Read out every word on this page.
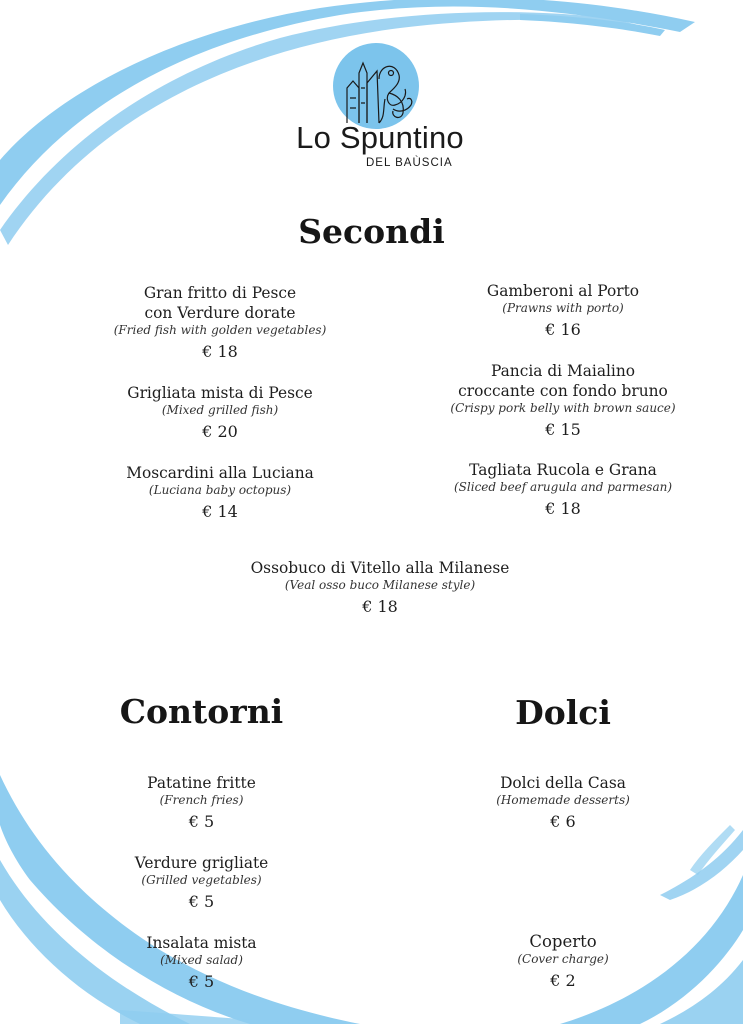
Lo Spuntino
DEL BAÙSCIA
Secondi
Gran fritto di Pesce
con Verdure dorate
(Fried fish with golden vegetables)
€ 18
Grigliata mista di Pesce
(Mixed grilled fish)
€ 20
Moscardini alla Luciana
(Luciana baby octopus)
€ 14
Gamberoni al Porto
(Prawns with porto)
€ 16
Pancia di Maialino
croccante con fondo bruno
(Crispy pork belly with brown sauce)
€ 15
Tagliata Rucola e Grana
(Sliced beef arugula and parmesan)
€ 18
Ossobuco di Vitello alla Milanese
(Veal osso buco Milanese style)
€ 18
Contorni
Patatine fritte
(French fries)
€ 5
Verdure grigliate
(Grilled vegetables)
€ 5
Insalata mista
(Mixed salad)
€ 5
Dolci
Dolci della Casa
(Homemade desserts)
€ 6
Coperto
(Cover charge)
€ 2
